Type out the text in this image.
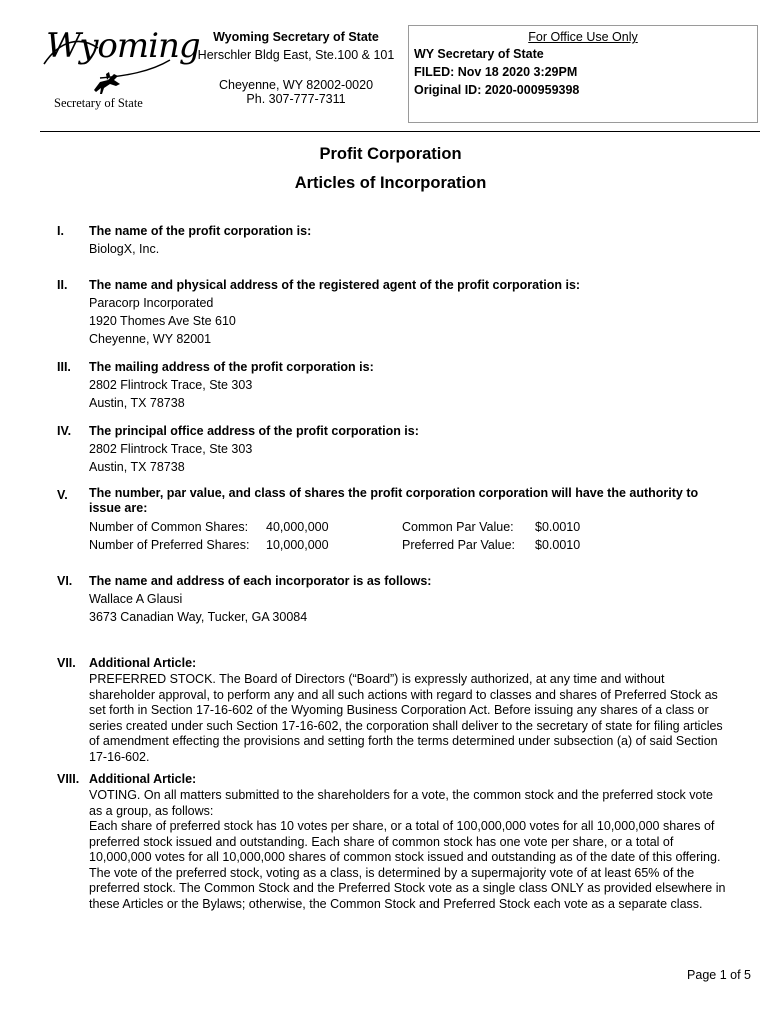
Wyoming
Secretary of State
Wyoming Secretary of State
Herschler Bldg East, Ste.100 & 101
Cheyenne, WY 82002-0020
Ph. 307-777-7311
For Office Use Only
WY Secretary of State
FILED: Nov 18 2020 3:29PM
Original ID: 2020-000959398
Profit Corporation
Articles of Incorporation
I. The name of the profit corporation is:
BiologX, Inc.
II. The name and physical address of the registered agent of the profit corporation is:
Paracorp Incorporated
1920 Thomes Ave Ste 610
Cheyenne, WY 82001
III. The mailing address of the profit corporation is:
2802 Flintrock Trace, Ste 303
Austin, TX 78738
IV. The principal office address of the profit corporation is:
2802 Flintrock Trace, Ste 303
Austin, TX 78738
V. The number, par value, and class of shares the profit corporation corporation will have the authority to issue are:
Number of Common Shares: 40,000,000	Common Par Value: $0.0010
Number of Preferred Shares: 10,000,000	Preferred Par Value: $0.0010
VI. The name and address of each incorporator is as follows:
Wallace A Glausi
3673 Canadian Way, Tucker, GA 30084
VII. Additional Article:
PREFERRED STOCK. The Board of Directors (“Board”) is expressly authorized, at any time and without shareholder approval, to perform any and all such actions with regard to classes and shares of Preferred Stock as set forth in Section 17-16-602 of the Wyoming Business Corporation Act. Before issuing any shares of a class or series created under such Section 17-16-602, the corporation shall deliver to the secretary of state for filing articles of amendment effecting the provisions and setting forth the terms determined under subsection (a) of said Section 17-16-602.
VIII. Additional Article:
VOTING. On all matters submitted to the shareholders for a vote, the common stock and the preferred stock vote as a group, as follows:
Each share of preferred stock has 10 votes per share, or a total of 100,000,000 votes for all 10,000,000 shares of preferred stock issued and outstanding. Each share of common stock has one vote per share, or a total of 10,000,000 votes for all 10,000,000 shares of common stock issued and outstanding as of the date of this offering. The vote of the preferred stock, voting as a class, is determined by a supermajority vote of at least 65% of the preferred stock. The Common Stock and the Preferred Stock vote as a single class ONLY as provided elsewhere in these Articles or the Bylaws; otherwise, the Common Stock and Preferred Stock each vote as a separate class.
Page 1 of 5
